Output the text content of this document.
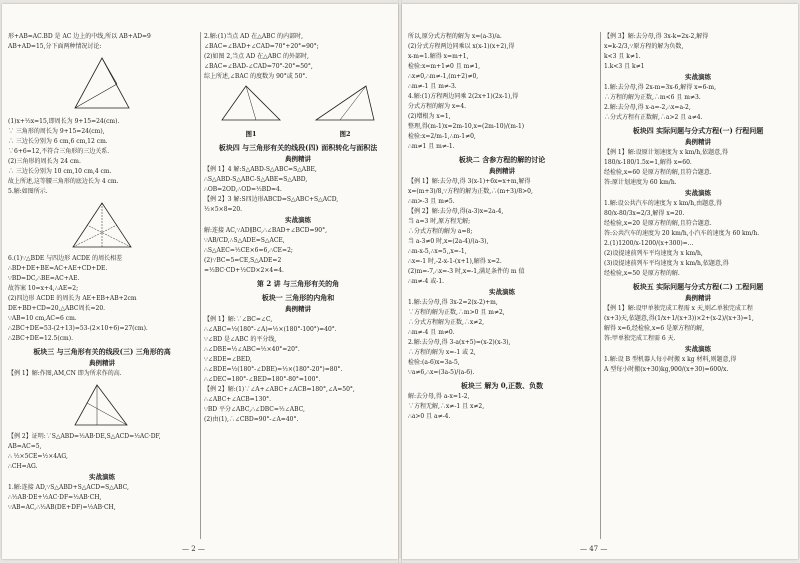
形+AB=AC.BD 是 AC 边上的中线,所以 AB+AD=9
AB+AD=15,分下面两种情况讨论:
(1)x+½x=15,即周长为 9+15=24(cm).
∵ 三角形的周长为 9+15=24(cm),
∴ 三边长分别为 6 cm,6 cm,12 cm.
∵6+6=12,不符合三角形的三边关系.
(2)三角形的周长为 24 cm.
∴ 三边长分别为 10 cm,10 cm,4 cm.
故上所述,这等腰三角形的底边长为 4 cm.
5.解:如图所示.
6.(1)∵△BDE 与四边形 ACDE 的周长相差
∴BD+DE+BE=AC+AE+CD+DE.
∵BD=DC,∴BE=AC+AE.
故答案 10=x+4,∴AE=2;
(2)四边形 ACDE 的周长为 AE+EB+AB+2cm
DE+BD+CD=20,△ABC周长=20.
∵AB=10 cm,AC=6 cm.
∴2BC+DE=53-(2+13)=53-(2×10+6)=27(cm).
∴2BC+DE=12.5(cm).
板块三 与三角形有关的线段(三) 三角形的高
典例精讲
【例 1】解:作图,AM,CN 即为所求作的高.
【例 2】证明:∵S△ABD=½AB·DE,S△ACD=½AC·DF,
AB=AC=5,
∴ ½×5CE=½×4AG,
∴CH=AG.
实战演练
1.解:连接 AD,∵S△ABD+S△ACD=S△ABC,
∴½AB·DE+½AC·DF=½AB·CH,
∵AB=AC,∴½AB(DE+DF)=½AB·CH,
2.解:(1)当点 AD 在△ABC 的内部时,
∠BAC=∠BAD+∠CAD=70°+20°=90°;
(2)如图 2,当点 AD 在△ABC 的外部时,
∠BAC=∠BAD-∠CAD=70°-20°=50°,
综上所述,∠BAC 的度数为 90°或 50°.
图1	图2
板块四 与三角形有关的线段(四) 面积转化与面积法
典例精讲
【例 1】4 解:S△ABD-S△ABC=S△ABE,
∴S△ABD-S△ABC-S△ABE=S△ABD,
∴OB=2OD,∴OD=½BD=4.
【例 2】3 解:S四边形ABCD=S△ABC+S△ACD,
½×5×8=20.
实战演练
解:连接 AC,∵AD∥BC,∴∠BAD+∠BCD=90°,
∵AB/CD,∴S△ADE=S△ACE,
∴S△AEC=½CE×6=6,∴CE=2;
(2)∵BC=5=CE,S△ADE=2
=½BC·CD+½CD×2×4=4.
第 2 讲 与三角形有关的角
板块一 三角形的内角和
典例精讲
【例 1】解:∵∠BC=∠C,
∴∠ABC=½(180°-∠A)=½×(180°-100°)=40°.
∵∠BD 是∠ABC 的平分线,
∴∠DBE=½∠ABC=½×40°=20°.
∵∠BDE=∠BED,
∴∠BDE=½(180°-∠DBE)=½×(180°-20°)=80°.
∴∠DEC=180°-∠BED=180°-80°=100°.
【例 2】解:(1)∵∠A+∠ABC+∠ACB=180°,∠A=50°,
∴∠ABC+∠ACB=130°.
∵BD 平分∠ABC,∴∠DBC=½∠ABC,
(2)由(1),∴∠CBD=90°-∠A=40°.
— 2 —
所以,原分式方程的解为 x=(a-3)/a.
(2)分式方程两边同乘以 x(x-1)(x+2),得
x-m=1.解得 x=m+1,
检验:x=m+1≠0 且 m≠1,
∴x≠0,∴m≠-1,(m+2)≠0,
∴m≠-1 且 m≠-3.
4.解:(1)方程两边同乘 2(2x+1)(2x-1),得
分式方程的解为 x=4.
(2)增根为 x=1,
整理,得(m-1)x=2m-10,x=(2m-10)/(m-1)
检验:x=2/m-1,∴m-1≠0,
∴m≠1 且 m≠-1.
板块二 含参方程的解的讨论
典例精讲
【例 1】解:去分母,得 3(x-1)+6x=x+m,解得
x=(m+3)/8,∵方程的解为正数,∴(m+3)/8>0,
∴m>-3 且 m≠5.
【例 2】解:去分母,得(a-3)x=2a-4,
当 a=3 时,原方程无解;
∴分式方程的解为 a=8;
当 a-3≠0 时,x=(2a-4)/(a-3),
∴m-x-5,∴x=5,,x=-1,
∴x=-1 时,-2-x-1-(x+1),解得 x=2.
(2)m=-7,∴x=-3 时,x=-1,满足条件的 m 值
∴m≠-4 或-1.
实战演练
1.解:去分母,得 3x-2=2(x-2)+m,
∵方程的解为正数,∴m>0 且 m≠2,
∴分式方程解为正数,∴x≠2,
∴m≠-4 且 m≠0.
2.解:去分母,得 3-a(x+5)=(x-2)(x-3),
∴方程的解为 x=-1 或 2,
检验:(a-6)x=3a-5,
∵a≠6,∴x=(3a-5)/(a-6).
板块三 解为 0,正数、负数
解:去分母,得 a-x=1-2,
∵方程无解,∴x≠-1 且 x≠2,
∴a>0 且 a≠-4.
【例 3】解:去分母,得 3x-k=2x-2,解得
x=k-2/3,∵原方程的解为负数,
k<3 且 k≠1.
1.k<3 且 k≠1
实战演练
1.解:去分母,得 2x-m=3x-6,解得 x=6-m,
∴方程的解为正数,∴m<6 且 m≠3.
2.解:去分母,得 x-a=-2,∴x=a-2,
∴分式方程有正数解,∴a>2 且 a≠4.
板块四 实际问题与分式方程(一) 行程问题
典例精讲
【例 1】解:设原计划速度为 x km/h,依题意,得
180/x-180/1.5x=1,解得 x=60.
经检验,x=60 是原方程的解,且符合题意.
答:原计划速度为 60 km/h.
实战演练
1.解:设公共汽车的速度为 x km/h,由题意,得
80/x-80/3x=2/3,解得 x=20.
经检验,x=20 是原方程的解,且符合题意.
答:公共汽车的速度为 20 km/h,小汽车的速度为 60 km/h.
2.(1)1200/x-1200/(x+300)=...
(2)设提速前列车平均速度为 x km/h,
(3)设提速前列车平均速度为 x km/h,依题意,得
经检验,x=50 是原方程的解.
板块五 实际问题与分式方程(二) 工程问题
典例精讲
【例 1】解:设甲单独完成工程需 x 天,则乙单独完成工程
(x+3)天,依题意,得(1/x+1/(x+3))×2+(x-2)/(x+3)=1,
解得 x=6,经检验,x=6 是原方程的解,
答:甲单独完成工程需 6 天.
实战演练
1.解:设 B 型机器人每小时搬 x kg 材料,则题意,得
A 型每小时搬(x+30)kg,900/(x+30)=600/x.
— 47 —
